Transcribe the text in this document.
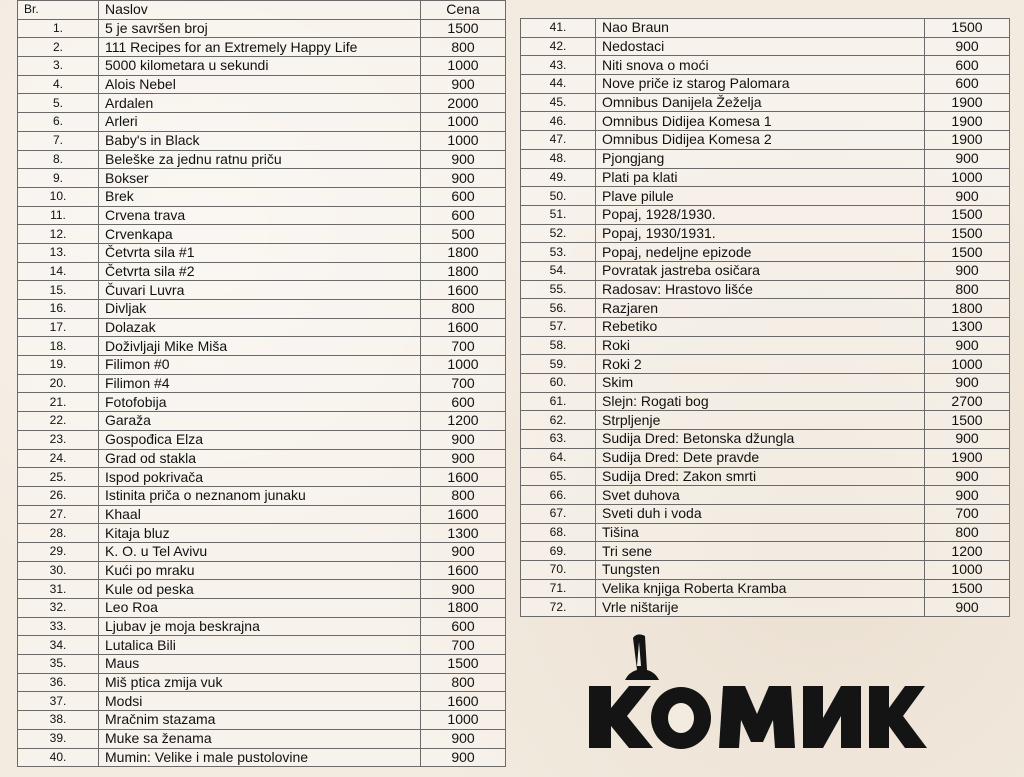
Br.	Naslov	Cena
1.	5 je savršen broj	1500
2.	111 Recipes for an Extremely Happy Life	800
3.	5000 kilometara u sekundi	1000
4.	Alois Nebel	900
5.	Ardalen	2000
6.	Arleri	1000
7.	Baby's in Black	1000
8.	Beleške za jednu ratnu priču	900
9.	Bokser	900
10.	Brek	600
11.	Crvena trava	600
12.	Crvenkapa	500
13.	Četvrta sila #1	1800
14.	Četvrta sila #2	1800
15.	Čuvari Luvra	1600
16.	Divljak	800
17.	Dolazak	1600
18.	Doživljaji Mike Miša	700
19.	Filimon #0	1000
20.	Filimon #4	700
21.	Fotofobija	600
22.	Garaža	1200
23.	Gospođica Elza	900
24.	Grad od stakla	900
25.	Ispod pokrivača	1600
26.	Istinita priča o neznanom junaku	800
27.	Khaal	1600
28.	Kitaja bluz	1300
29.	K. O. u Tel Avivu	900
30.	Kući po mraku	1600
31.	Kule od peska	900
32.	Leo Roa	1800
33.	Ljubav je moja beskrajna	600
34.	Lutalica Bili	700
35.	Maus	1500
36.	Miš ptica zmija vuk	800
37.	Modsi	1600
38.	Mračnim stazama	1000
39.	Muke sa ženama	900
40.	Mumin: Velike i male pustolovine	900
41.	Nao Braun	1500
42.	Nedostaci	900
43.	Niti snova o moći	600
44.	Nove priče iz starog Palomara	600
45.	Omnibus Danijela Žeželja	1900
46.	Omnibus Didijea Komesa 1	1900
47.	Omnibus Didijea Komesa 2	1900
48.	Pjongjang	900
49.	Plati pa klati	1000
50.	Plave pilule	900
51.	Popaj, 1928/1930.	1500
52.	Popaj, 1930/1931.	1500
53.	Popaj, nedeljne epizode	1500
54.	Povratak jastreba osičara	900
55.	Radosav: Hrastovo lišće	800
56.	Razjaren	1800
57.	Rebetiko	1300
58.	Roki	900
59.	Roki 2	1000
60.	Skim	900
61.	Slejn: Rogati bog	2700
62.	Strpljenje	1500
63.	Sudija Dred: Betonska džungla	900
64.	Sudija Dred: Dete pravde	1900
65.	Sudija Dred: Zakon smrti	900
66.	Svet duhova	900
67.	Sveti duh i voda	700
68.	Tišina	800
69.	Tri sene	1200
70.	Tungsten	1000
71.	Velika knjiga Roberta Kramba	1500
72.	Vrle ništarije	900
